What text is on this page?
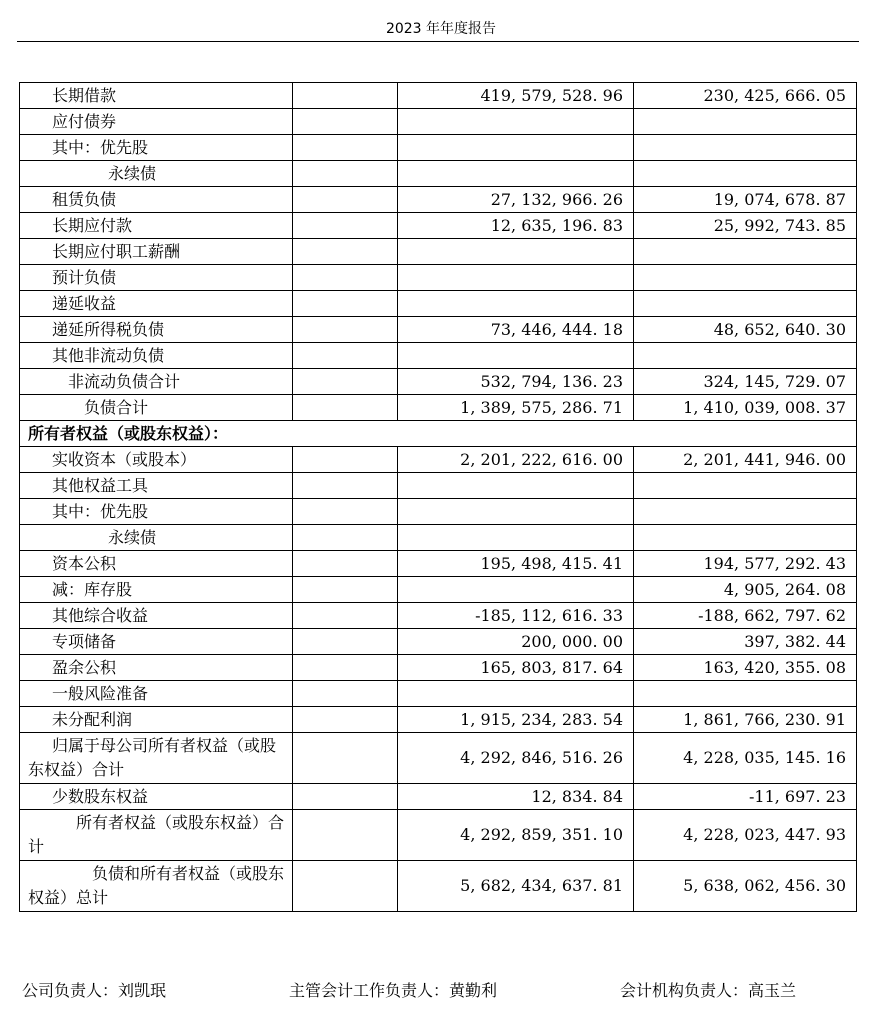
2023 年年度报告
长期借款		419, 579, 528. 96	230, 425, 666. 05
应付债券			
其中：优先股			
永续债			
租赁负债		27, 132, 966. 26	19, 074, 678. 87
长期应付款		12, 635, 196. 83	25, 992, 743. 85
长期应付职工薪酬			
预计负债			
递延收益			
递延所得税负债		73, 446, 444. 18	48, 652, 640. 30
其他非流动负债			
非流动负债合计		532, 794, 136. 23	324, 145, 729. 07
负债合计		1, 389, 575, 286. 71	1, 410, 039, 008. 37
所有者权益（或股东权益）：			
实收资本（或股本）		2, 201, 222, 616. 00	2, 201, 441, 946. 00
其他权益工具			
其中：优先股			
永续债			
资本公积		195, 498, 415. 41	194, 577, 292. 43
减：库存股			4, 905, 264. 08
其他综合收益		-185, 112, 616. 33	-188, 662, 797. 62
专项储备		200, 000. 00	397, 382. 44
盈余公积		165, 803, 817. 64	163, 420, 355. 08
一般风险准备			
未分配利润		1, 915, 234, 283. 54	1, 861, 766, 230. 91
归属于母公司所有者权益（或股东权益）合计		4, 292, 846, 516. 26	4, 228, 035, 145. 16
少数股东权益		12, 834. 84	-11, 697. 23
所有者权益（或股东权益）合计		4, 292, 859, 351. 10	4, 228, 023, 447. 93
负债和所有者权益（或股东权益）总计		5, 682, 434, 637. 81	5, 638, 062, 456. 30
公司负责人：刘凯珉	主管会计工作负责人：黄勤利	会计机构负责人：高玉兰
